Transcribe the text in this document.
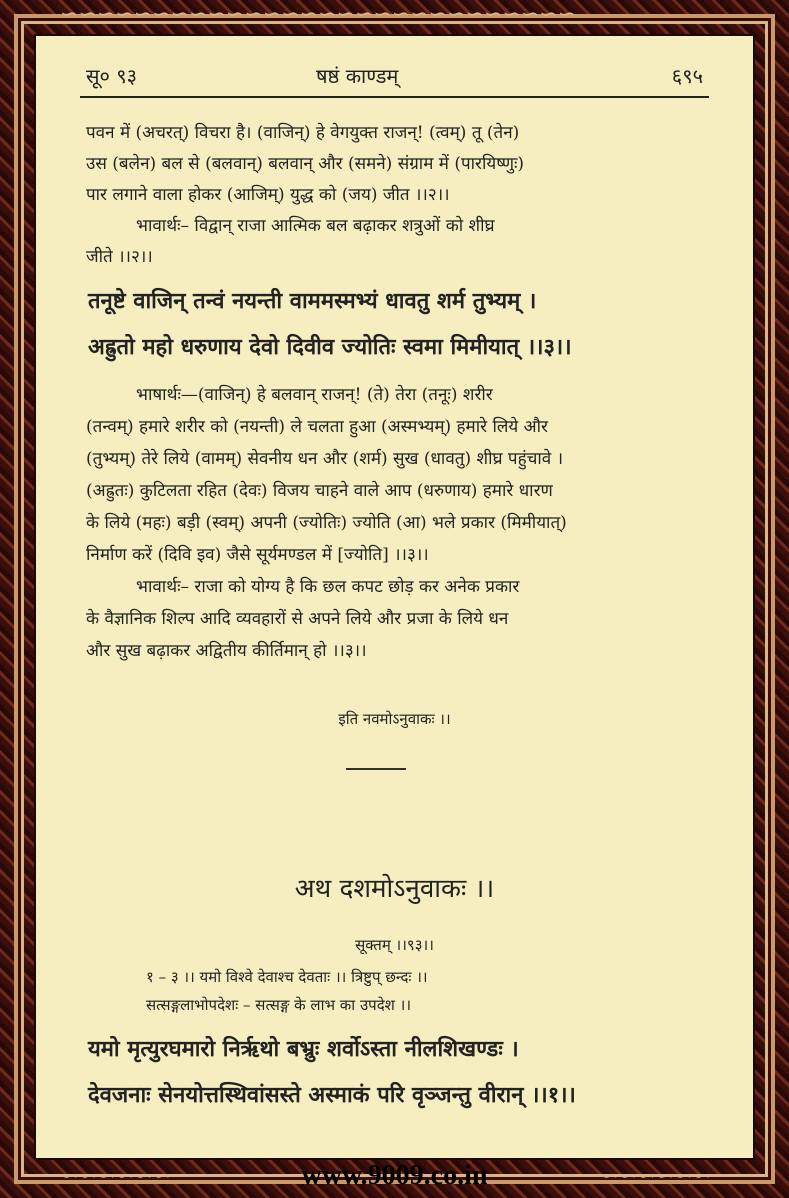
∽∽∽∽∽∽	∽∽∽∽∽∽
∽∽∽∽∽∽∽∽∽∽∽∽∽∽∽∽∽∽∽∽∽∽∽∽∽∽∽∽
www.9009.co.in
सू० ९३	षष्ठं काण्डम्	६९५
पवन में (अचरत्) विचरा है। (वाजिन्) हे वेगयुक्त राजन्! (त्वम्) तू (तेन)
उस (बलेन) बल से (बलवान्) बलवान् और (समने) संग्राम में (पारयिष्णुः)
पार लगाने वाला होकर (आजिम्) युद्ध को (जय) जीत ।।२।।
भावार्थः– विद्वान् राजा आत्मिक बल बढ़ाकर शत्रुओं को शीघ्र
जीते ।।२।।
तनूष्टे वाजिन् तन्वं नयन्ती वाममस्मभ्यं धावतु शर्म तुभ्यम् ।
अह्रुतो महो धरुणाय देवो दिवीव ज्योतिः स्वमा मिमीयात् ।।३।।
भाषार्थः—(वाजिन्) हे बलवान् राजन्! (ते) तेरा (तनूः) शरीर
(तन्वम्) हमारे शरीर को (नयन्ती) ले चलता हुआ (अस्मभ्यम्) हमारे लिये और
(तुभ्यम्) तेरे लिये (वामम्) सेवनीय धन और (शर्म) सुख (धावतु) शीघ्र पहुंचावे ।
(अह्रुतः) कुटिलता रहित (देवः) विजय चाहने वाले आप (धरुणाय) हमारे धारण
के लिये (महः) बड़ी (स्वम्) अपनी (ज्योतिः) ज्योति (आ) भले प्रकार (मिमीयात्)
निर्माण करें (दिवि इव) जैसे सूर्यमण्डल में [ज्योति] ।।३।।
भावार्थः– राजा को योग्य है कि छल कपट छोड़ कर अनेक प्रकार
के वैज्ञानिक शिल्प आदि व्यवहारों से अपने लिये और प्रजा के लिये धन
और सुख बढ़ाकर अद्वितीय कीर्तिमान् हो ।।३।।
इति नवमोऽनुवाकः ।।
अथ दशमोऽनुवाकः ।।
सूक्तम् ।।९३।।
१ – ३ ।। यमो विश्वे देवाश्च देवताः ।। त्रिष्टुप् छन्दः ।।
सत्सङ्गलाभोपदेशः – सत्सङ्ग के लाभ का उपदेश ।।
यमो मृत्युरघमारो निर्ऋथो बभ्रुः शर्वोऽस्ता नीलशिखण्डः ।
देवजनाः सेनयोत्तस्थिवांसस्ते अस्माकं परि वृञ्जन्तु वीरान् ।।१।।
